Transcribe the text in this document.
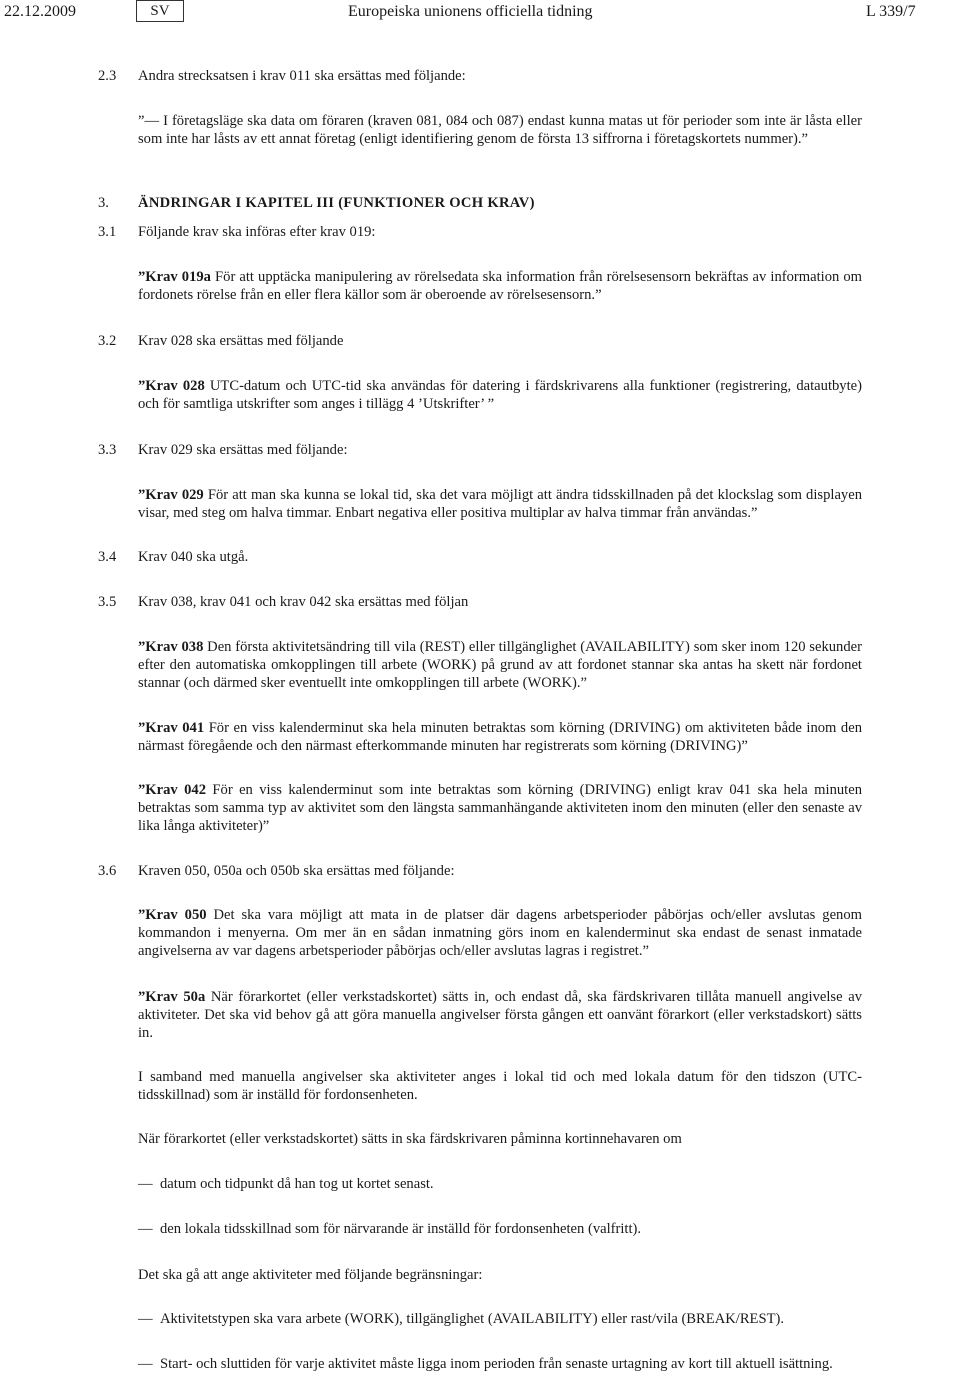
22.12.2009	SV	Europeiska unionens officiella tidning	L 339/7
2.3 Andra strecksatsen i krav 011 ska ersättas med följande:
”— I företagsläge ska data om föraren (kraven 081, 084 och 087) endast kunna matas ut för perioder som inte är låsta eller som inte har låsts av ett annat företag (enligt identifiering genom de första 13 siffrorna i företagskortets nummer).”
3. ÄNDRINGAR I KAPITEL III (FUNKTIONER OCH KRAV)
3.1 Följande krav ska införas efter krav 019:
”Krav 019a För att upptäcka manipulering av rörelsedata ska information från rörelsesensorn bekräftas av information om fordonets rörelse från en eller flera källor som är oberoende av rörelsesensorn.”
3.2 Krav 028 ska ersättas med följande
”Krav 028 UTC-datum och UTC-tid ska användas för datering i färdskrivarens alla funktioner (registrering, datautbyte) och för samtliga utskrifter som anges i tillägg 4 ’Utskrifter’ ”
3.3 Krav 029 ska ersättas med följande:
”Krav 029 För att man ska kunna se lokal tid, ska det vara möjligt att ändra tidsskillnaden på det klockslag som displayen visar, med steg om halva timmar. Enbart negativa eller positiva multiplar av halva timmar från användas.”
3.4 Krav 040 ska utgå.
3.5 Krav 038, krav 041 och krav 042 ska ersättas med följan
”Krav 038 Den första aktivitetsändring till vila (REST) eller tillgänglighet (AVAILABILITY) som sker inom 120 sekunder efter den automatiska omkopplingen till arbete (WORK) på grund av att fordonet stannar ska antas ha skett när fordonet stannar (och därmed sker eventuellt inte omkopplingen till arbete (WORK).”
”Krav 041 För en viss kalenderminut ska hela minuten betraktas som körning (DRIVING) om aktiviteten både inom den närmast föregående och den närmast efterkommande minuten har registrerats som körning (DRIVING)”
”Krav 042 För en viss kalenderminut som inte betraktas som körning (DRIVING) enligt krav 041 ska hela minuten betraktas som samma typ av aktivitet som den längsta sammanhängande aktiviteten inom den minuten (eller den senaste av lika långa aktiviteter)”
3.6 Kraven 050, 050a och 050b ska ersättas med följande:
”Krav 050 Det ska vara möjligt att mata in de platser där dagens arbetsperioder påbörjas och/eller avslutas genom kommandon i menyerna. Om mer än en sådan inmatning görs inom en kalenderminut ska endast de senast inmatade angivelserna av var dagens arbetsperioder påbörjas och/eller avslutas lagras i registret.”
”Krav 50a När förarkortet (eller verkstadskortet) sätts in, och endast då, ska färdskrivaren tillåta manuell angivelse av aktiviteter. Det ska vid behov gå att göra manuella angivelser första gången ett oanvänt förarkort (eller verkstadskort) sätts in.
I samband med manuella angivelser ska aktiviteter anges i lokal tid och med lokala datum för den tidszon (UTC-tidsskillnad) som är inställd för fordonsenheten.
När förarkortet (eller verkstadskortet) sätts in ska färdskrivaren påminna kortinnehavaren om
— datum och tidpunkt då han tog ut kortet senast.
— den lokala tidsskillnad som för närvarande är inställd för fordonsenheten (valfritt).
Det ska gå att ange aktiviteter med följande begränsningar:
— Aktivitetstypen ska vara arbete (WORK), tillgänglighet (AVAILABILITY) eller rast/vila (BREAK/REST).
— Start- och sluttiden för varje aktivitet måste ligga inom perioden från senaste urtagning av kort till aktuell isättning.
